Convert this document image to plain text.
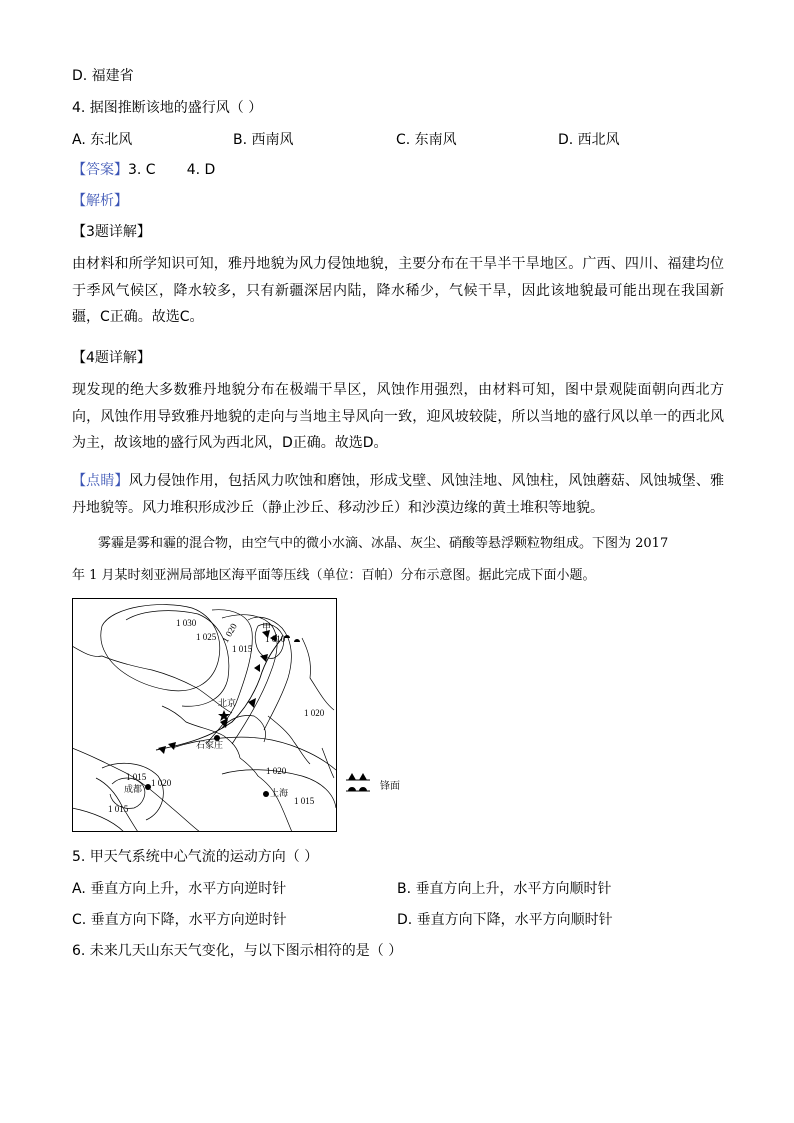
D. 福建省
4. 据图推断该地的盛行风（ ）
A. 东北风	B. 西南风	C. 东南风	D. 西北风
【答案】3. C       4. D
【解析】
【3题详解】
由材料和所学知识可知，雅丹地貌为风力侵蚀地貌，主要分布在干旱半干旱地区。广西、四川、福建均位于季风气候区，降水较多，只有新疆深居内陆，降水稀少，气候干旱，因此该地貌最可能出现在我国新疆，C正确。故选C。
【4题详解】
现发现的绝大多数雅丹地貌分布在极端干旱区，风蚀作用强烈，由材料可知，图中景观陡面朝向西北方向，风蚀作用导致雅丹地貌的走向与当地主导风向一致，迎风坡较陡，所以当地的盛行风以单一的西北风为主，故该地的盛行风为西北风，D正确。故选D。
【点睛】风力侵蚀作用，包括风力吹蚀和磨蚀，形成戈壁、风蚀洼地、风蚀柱，风蚀蘑菇、风蚀城堡、雅丹地貌等。风力堆积形成沙丘（静止沙丘、移动沙丘）和沙漠边缘的黄土堆积等地貌。
雾霾是雾和霾的混合物，由空气中的微小水滴、冰晶、灰尘、硝酸等悬浮颗粒物组成。下图为 2017
年 1 月某时刻亚洲局部地区海平面等压线（单位：百帕）分布示意图。据此完成下面小题。
1 030
1 025 1 020
1 015
1 010
甲
北京
石家庄
成都	上海
1 020
1 020
1 015
1 020
1 015
1 015
锋面
5. 甲天气系统中心气流的运动方向（ ）
A. 垂直方向上升，水平方向逆时针	B. 垂直方向上升，水平方向顺时针
C. 垂直方向下降，水平方向逆时针	D. 垂直方向下降，水平方向顺时针
6. 未来几天山东天气变化，与以下图示相符的是（ ）
